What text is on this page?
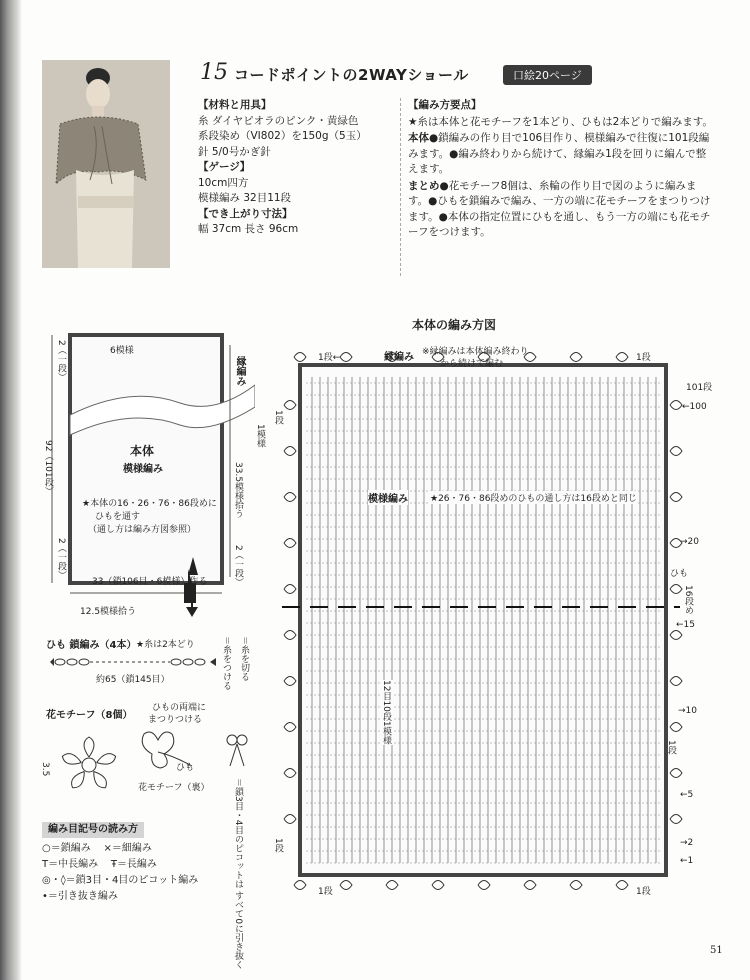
15 コードポイントの2WAYショール	口絵20ページ
【材料と用具】
糸 ダイヤピオラのピンク・黄緑色
系段染め（VI802）を150g（5玉）
針 5/0号かぎ針
【ゲージ】
10cm四方
模様編み 32目11段
【でき上がり寸法】
幅 37cm 長さ 96cm

【編み方要点】

★糸は本体と花モチーフを1本どり、ひもは2本どりで編みます。

本体●鎖編みの作り目で106目作り、模様編みで往復に101段編みます。●編み終わりから続けて、縁編み1段を回りに編んで整えます。

まとめ●花モチーフ8個は、糸輪の作り目で図のように編みます。●ひもを鎖編みで編み、一方の端に花モチーフをまつりつけます。●本体の指定位置にひもを通し、もう一方の端にも花モチーフをつけます。

6模様
2（一段）
92（101段）
2（一段）
縁編み
33.5模様拾う
2（一段）
本体
模様編み
★本体の16・26・76・86段めに
ひもを通す
（通し方は編み方図参照）
33（鎖106目・6模様）作る
12.5模様拾う
ひも 鎖編み（4本） ★糸は2本どり
約65（鎖145目）	＝糸をつける ＝糸を切る
花モチーフ（8個）
ひもの両端に
まつりつける
3.5	ひも
花モチーフ（裏）	＝鎖3目・4目のピコットは すべて0に引き抜く
編み目記号の読み方
○＝鎖編み ×＝細編み
T＝中長編み Ŧ＝長編み
◎・◊＝鎖3目・4目のピコット編み
•＝引き抜き編み
本体の編み方図
縁編み ※縁編みは本体編み終わり
から続けて編む
模様編み ★26・76・86段めのひもの通し方は16段めと同じ
12目10段1模様
1模様
1段←	1段
101段
←100
→20
ひも
16段め
←15
→10
1段
←5
→2
←1
1段	1段
1段
1段
51
